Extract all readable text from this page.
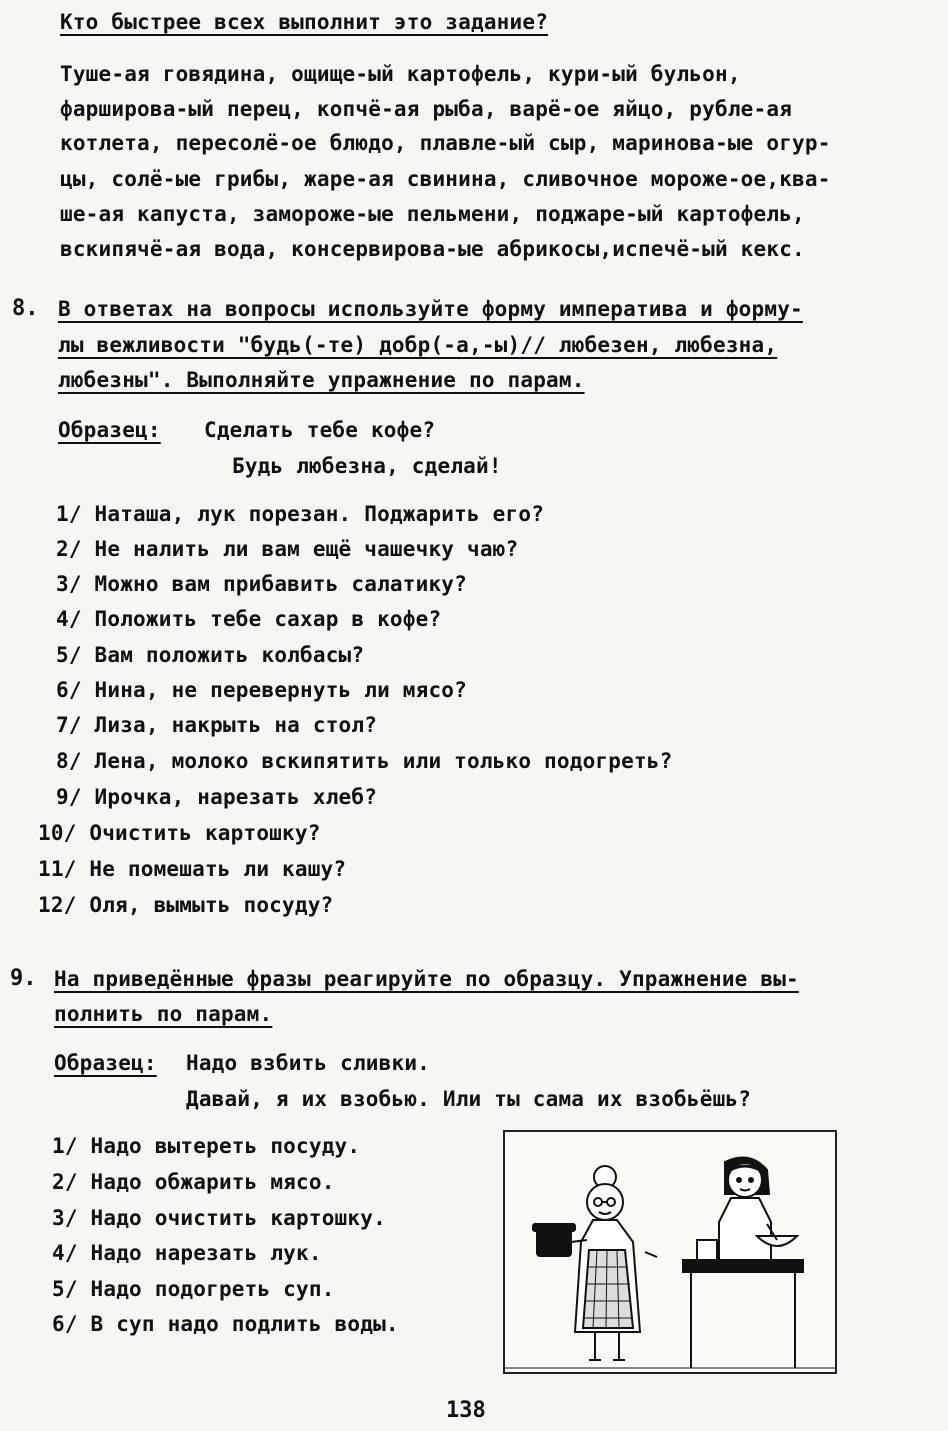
Кто быстрее всех выполнит это задание?
Туше-ая говядина, ощище-ый картофель, кури-ый бульон,
фарширова-ый перец, копчё-ая рыба, варё-ое яйцо, рубле-ая
котлета, пересолё-ое блюдо, плавле-ый сыр, маринова-ые огур-
цы, солё-ые грибы, жаре-ая свинина, сливочное мороже-ое,ква-
ше-ая капуста, замороже-ые пельмени, поджаре-ый картофель,
вскипячё-ая вода, консервирова-ые абрикосы,испечё-ый кекс.
8. В ответах на вопросы используйте форму императива и форму-
лы вежливости "будь(-те) добр(-а,-ы)// любезен, любезна,
любезны". Выполняйте упражнение по парам.
Образец: Сделать тебе кофе?
Будь любезна, сделай!
1/ Наташа, лук порезан. Поджарить его?
2/ Не налить ли вам ещё чашечку чаю?
3/ Можно вам прибавить салатику?
4/ Положить тебе сахар в кофе?
5/ Вам положить колбасы?
6/ Нина, не перевернуть ли мясо?
7/ Лиза, накрыть на стол?
8/ Лена, молоко вскипятить или только подогреть?
9/ Ирочка, нарезать хлеб?
10/ Очистить картошку?
11/ Не помешать ли кашу?
12/ Оля, вымыть посуду?
9. На приведённые фразы реагируйте по образцу. Упражнение вы-
полнить по парам.
Образец: Надо взбить сливки.
Давай, я их взобью. Или ты сама их взобьёшь?
1/ Надо вытереть посуду.
2/ Надо обжарить мясо.
3/ Надо очистить картошку.
4/ Надо нарезать лук.
5/ Надо подогреть суп.
6/ В суп надо подлить воды.
138
